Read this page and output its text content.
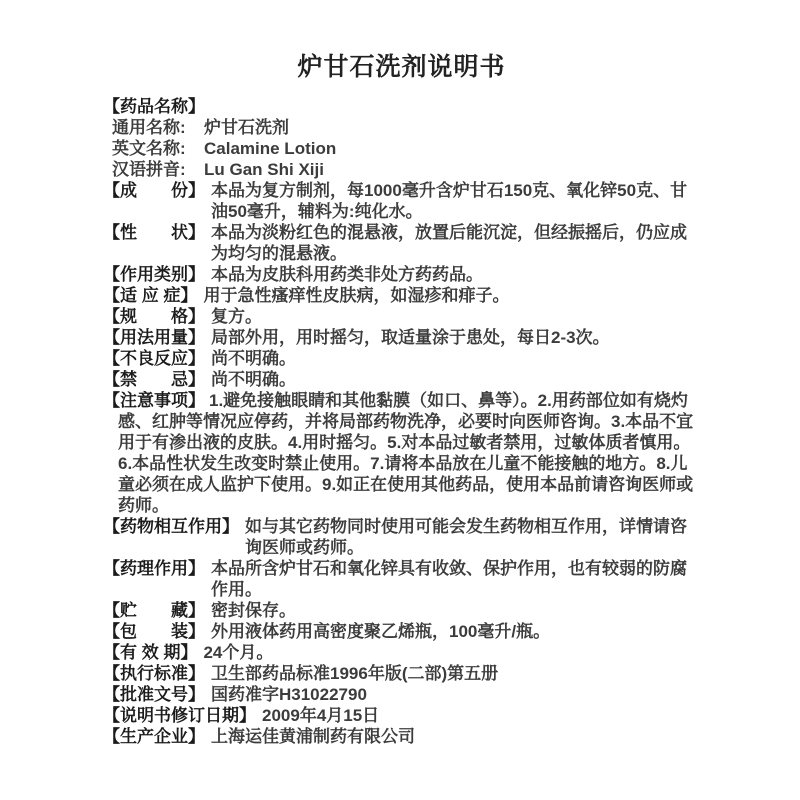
炉甘石洗剂说明书
【药品名称】
通用名称:	炉甘石洗剂
英文名称:	Calamine Lotion
汉语拼音:	Lu Gan Shi Xiji
【成　　份】 本品为复方制剂，每1000毫升含炉甘石150克、氧化锌50克、甘油50毫升，辅料为:纯化水。
【性　　状】 本品为淡粉红色的混悬液，放置后能沉淀，但经振摇后，仍应成为均匀的混悬液。
【作用类别】 本品为皮肤科用药类非处方药药品。
【适 应 症】 用于急性瘙痒性皮肤病，如湿疹和痱子。
【规　　格】 复方。
【用法用量】 局部外用，用时摇匀，取适量涂于患处，每日2-3次。
【不良反应】 尚不明确。
【禁　　忌】 尚不明确。

【注意事项】 1.避免接触眼睛和其他黏膜（如口、鼻等）。2.用药部位如有烧灼感、红肿等情况应停药，并将局部药物洗净，必要时向医师咨询。3.本品不宜用于有渗出液的皮肤。4.用时摇匀。5.对本品过敏者禁用，过敏体质者慎用。6.本品性状发生改变时禁止使用。7.请将本品放在儿童不能接触的地方。8.儿童必须在成人监护下使用。9.如正在使用其他药品，使用本品前请咨询医师或药师。

【药物相互作用】 如与其它药物同时使用可能会发生药物相互作用，详情请咨询医师或药师。
【药理作用】 本品所含炉甘石和氧化锌具有收敛、保护作用，也有较弱的防腐作用。
【贮　　藏】 密封保存。
【包　　装】 外用液体药用高密度聚乙烯瓶，100毫升/瓶。
【有 效 期】 24个月。
【执行标准】 卫生部药品标准1996年版(二部)第五册
【批准文号】 国药准字H31022790
【说明书修订日期】 2009年4月15日
【生产企业】 上海运佳黄浦制药有限公司
